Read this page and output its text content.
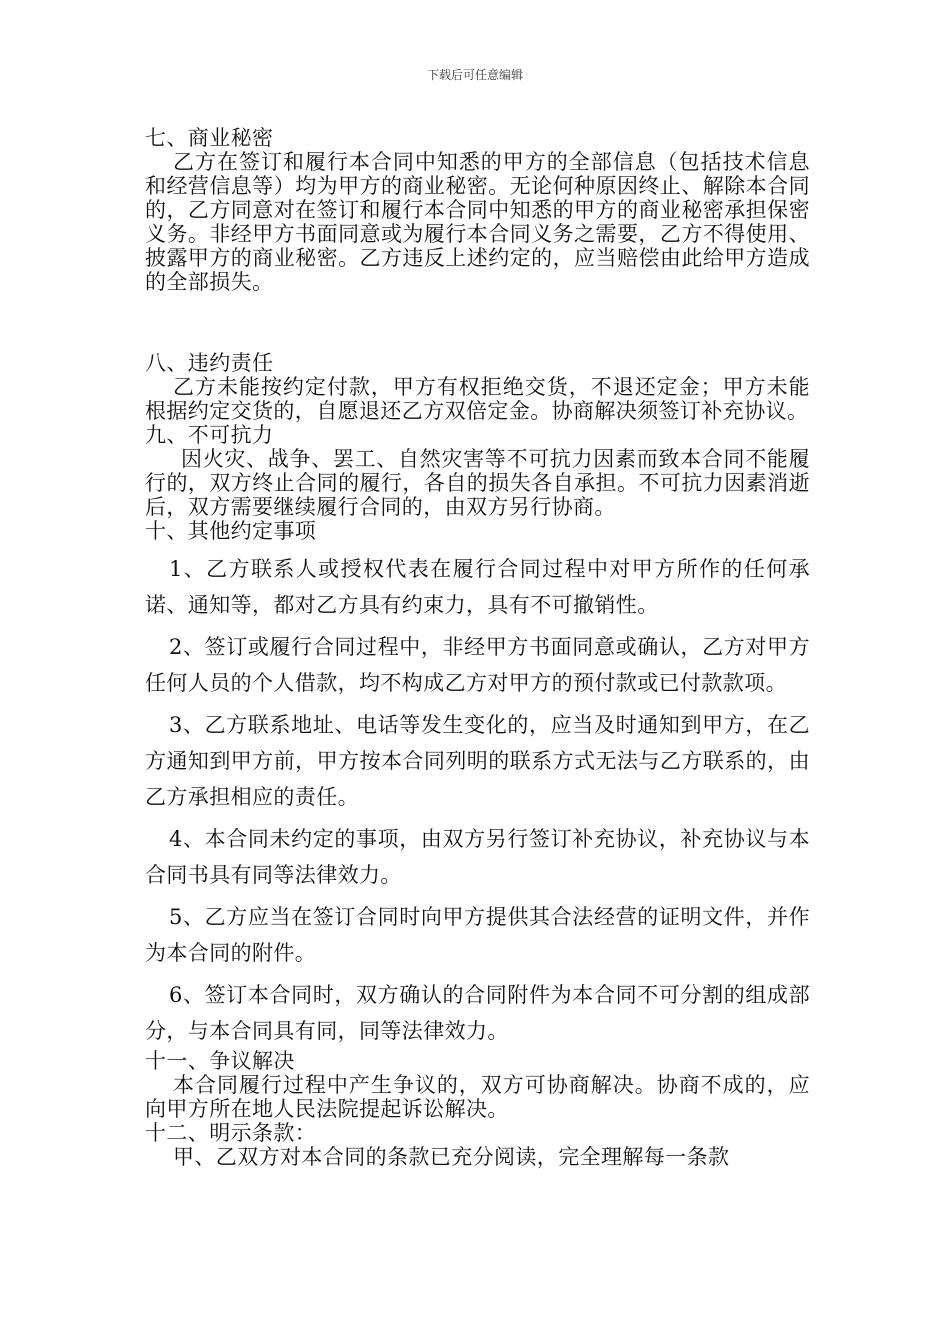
下载后可任意编辑

七、商业秘密

乙方在签订和履行本合同中知悉的甲方的全部信息（包括技术信息和经营信息等）均为甲方的商业秘密。无论何种原因终止、解除本合同的，乙方同意对在签订和履行本合同中知悉的甲方的商业秘密承担保密义务。非经甲方书面同意或为履行本合同义务之需要，乙方不得使用、披露甲方的商业秘密。乙方违反上述约定的，应当赔偿由此给甲方造成的全部损失。

八、违约责任

乙方未能按约定付款，甲方有权拒绝交货，不退还定金；甲方未能根据约定交货的，自愿退还乙方双倍定金。协商解决须签订补充协议。

九、不可抗力

因火灾、战争、罢工、自然灾害等不可抗力因素而致本合同不能履行的，双方终止合同的履行，各自的损失各自承担。不可抗力因素消逝后，双方需要继续履行合同的，由双方另行协商。

十、其他约定事项

1、乙方联系人或授权代表在履行合同过程中对甲方所作的任何承诺、通知等，都对乙方具有约束力，具有不可撤销性。

2、签订或履行合同过程中，非经甲方书面同意或确认，乙方对甲方任何人员的个人借款，均不构成乙方对甲方的预付款或已付款款项。

3、乙方联系地址、电话等发生变化的，应当及时通知到甲方，在乙方通知到甲方前，甲方按本合同列明的联系方式无法与乙方联系的，由乙方承担相应的责任。

4、本合同未约定的事项，由双方另行签订补充协议，补充协议与本合同书具有同等法律效力。

5、乙方应当在签订合同时向甲方提供其合法经营的证明文件，并作为本合同的附件。

6、签订本合同时，双方确认的合同附件为本合同不可分割的组成部分，与本合同具有同，同等法律效力。

十一、争议解决

本合同履行过程中产生争议的，双方可协商解决。协商不成的，应向甲方所在地人民法院提起诉讼解决。

十二、明示条款：

甲、乙双方对本合同的条款已充分阅读，完全理解每一条款
